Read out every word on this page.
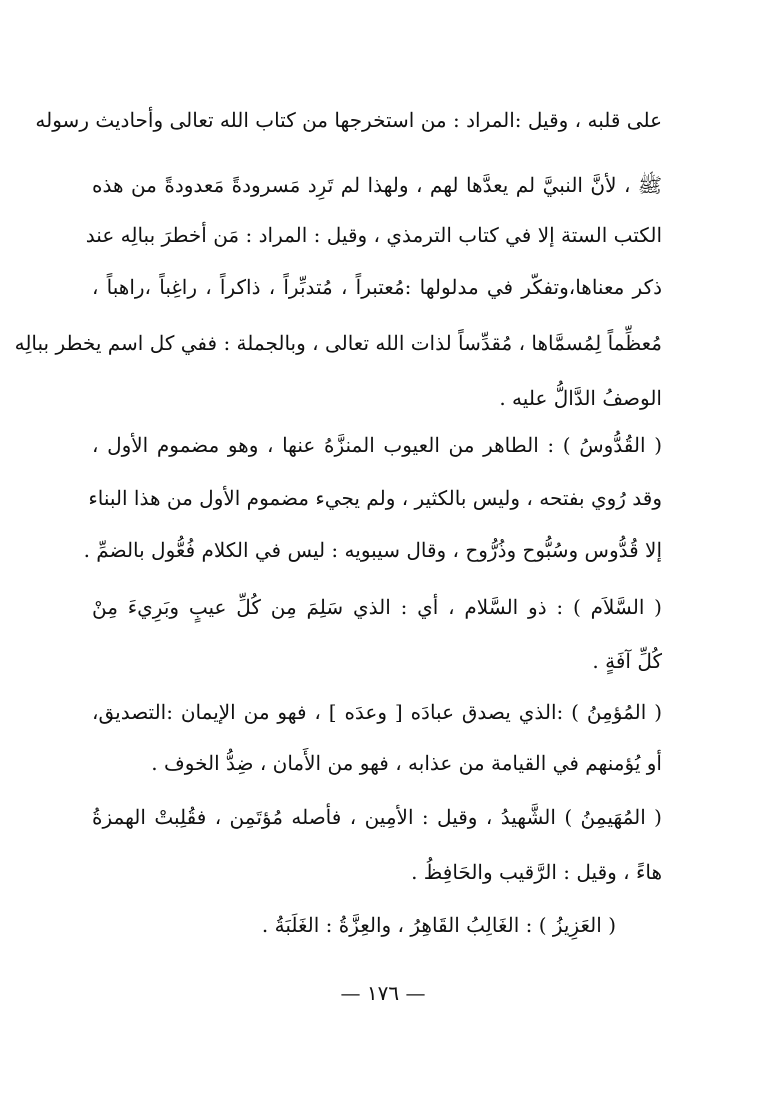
على قلبه ، وقيل :المراد : من استخرجها من كتاب الله تعالى وأحاديث رسوله
ﷺ ، لأنَّ النبيَّ لم يعدَّها لهم ، ولهذا لم تَرِد مَسرودةً مَعدودةً من هذه
الكتب الستة إلا في كتاب الترمذي ، وقيل : المراد : مَن أخطرَ ببالِه عند
ذكر معناها،وتفكّر في مدلولها :مُعتبراً ، مُتدبِّراً ، ذاكراً ، راغِباً ،راهباً ،
مُعظِّماً لِمُسمَّاها ، مُقدِّساً لذات الله تعالى ، وبالجملة : ففي كل اسم يخطر ببالِه
الوصفُ الدَّالُّ عليه .
( القُدُّوسُ ) : الطاهر من العيوب المنزَّهُ عنها ، وهو مضموم الأول ،
وقد رُوي بفتحه ، وليس بالكثير ، ولم يجيء مضموم الأول من هذا البناء
إلا قُدُّوس وسُبُّوح وذُرُّوح ، وقال سيبويه : ليس في الكلام فُعُّول بالضمِّ .
( السَّلاَم ) : ذو السَّلام ، أي : الذي سَلِمَ مِن كُلِّ عيبٍ وبَرِيءَ مِنْ
كُلِّ آفَةٍ .
( المُؤمِنُ ) :الذي يصدق عبادَه [ وعدَه ] ، فهو من الإيمان :التصديق،
أو يُؤمنهم في القيامة من عذابه ، فهو من الأَمان ، ضِدُّ الخوف .
( المُهَيمِنُ ) الشَّهيدُ ، وقيل : الأمِين ، فأصله مُؤتَمِن ، فقُلِبتْ الهمزةُ
هاءً ، وقيل : الرَّقيب والحَافِظُ .
( العَزِيزُ ) : الغَالِبُ القَاهِرُ ، والعِزَّةُ : الغَلَبَةُ .
— ١٧٦ —
